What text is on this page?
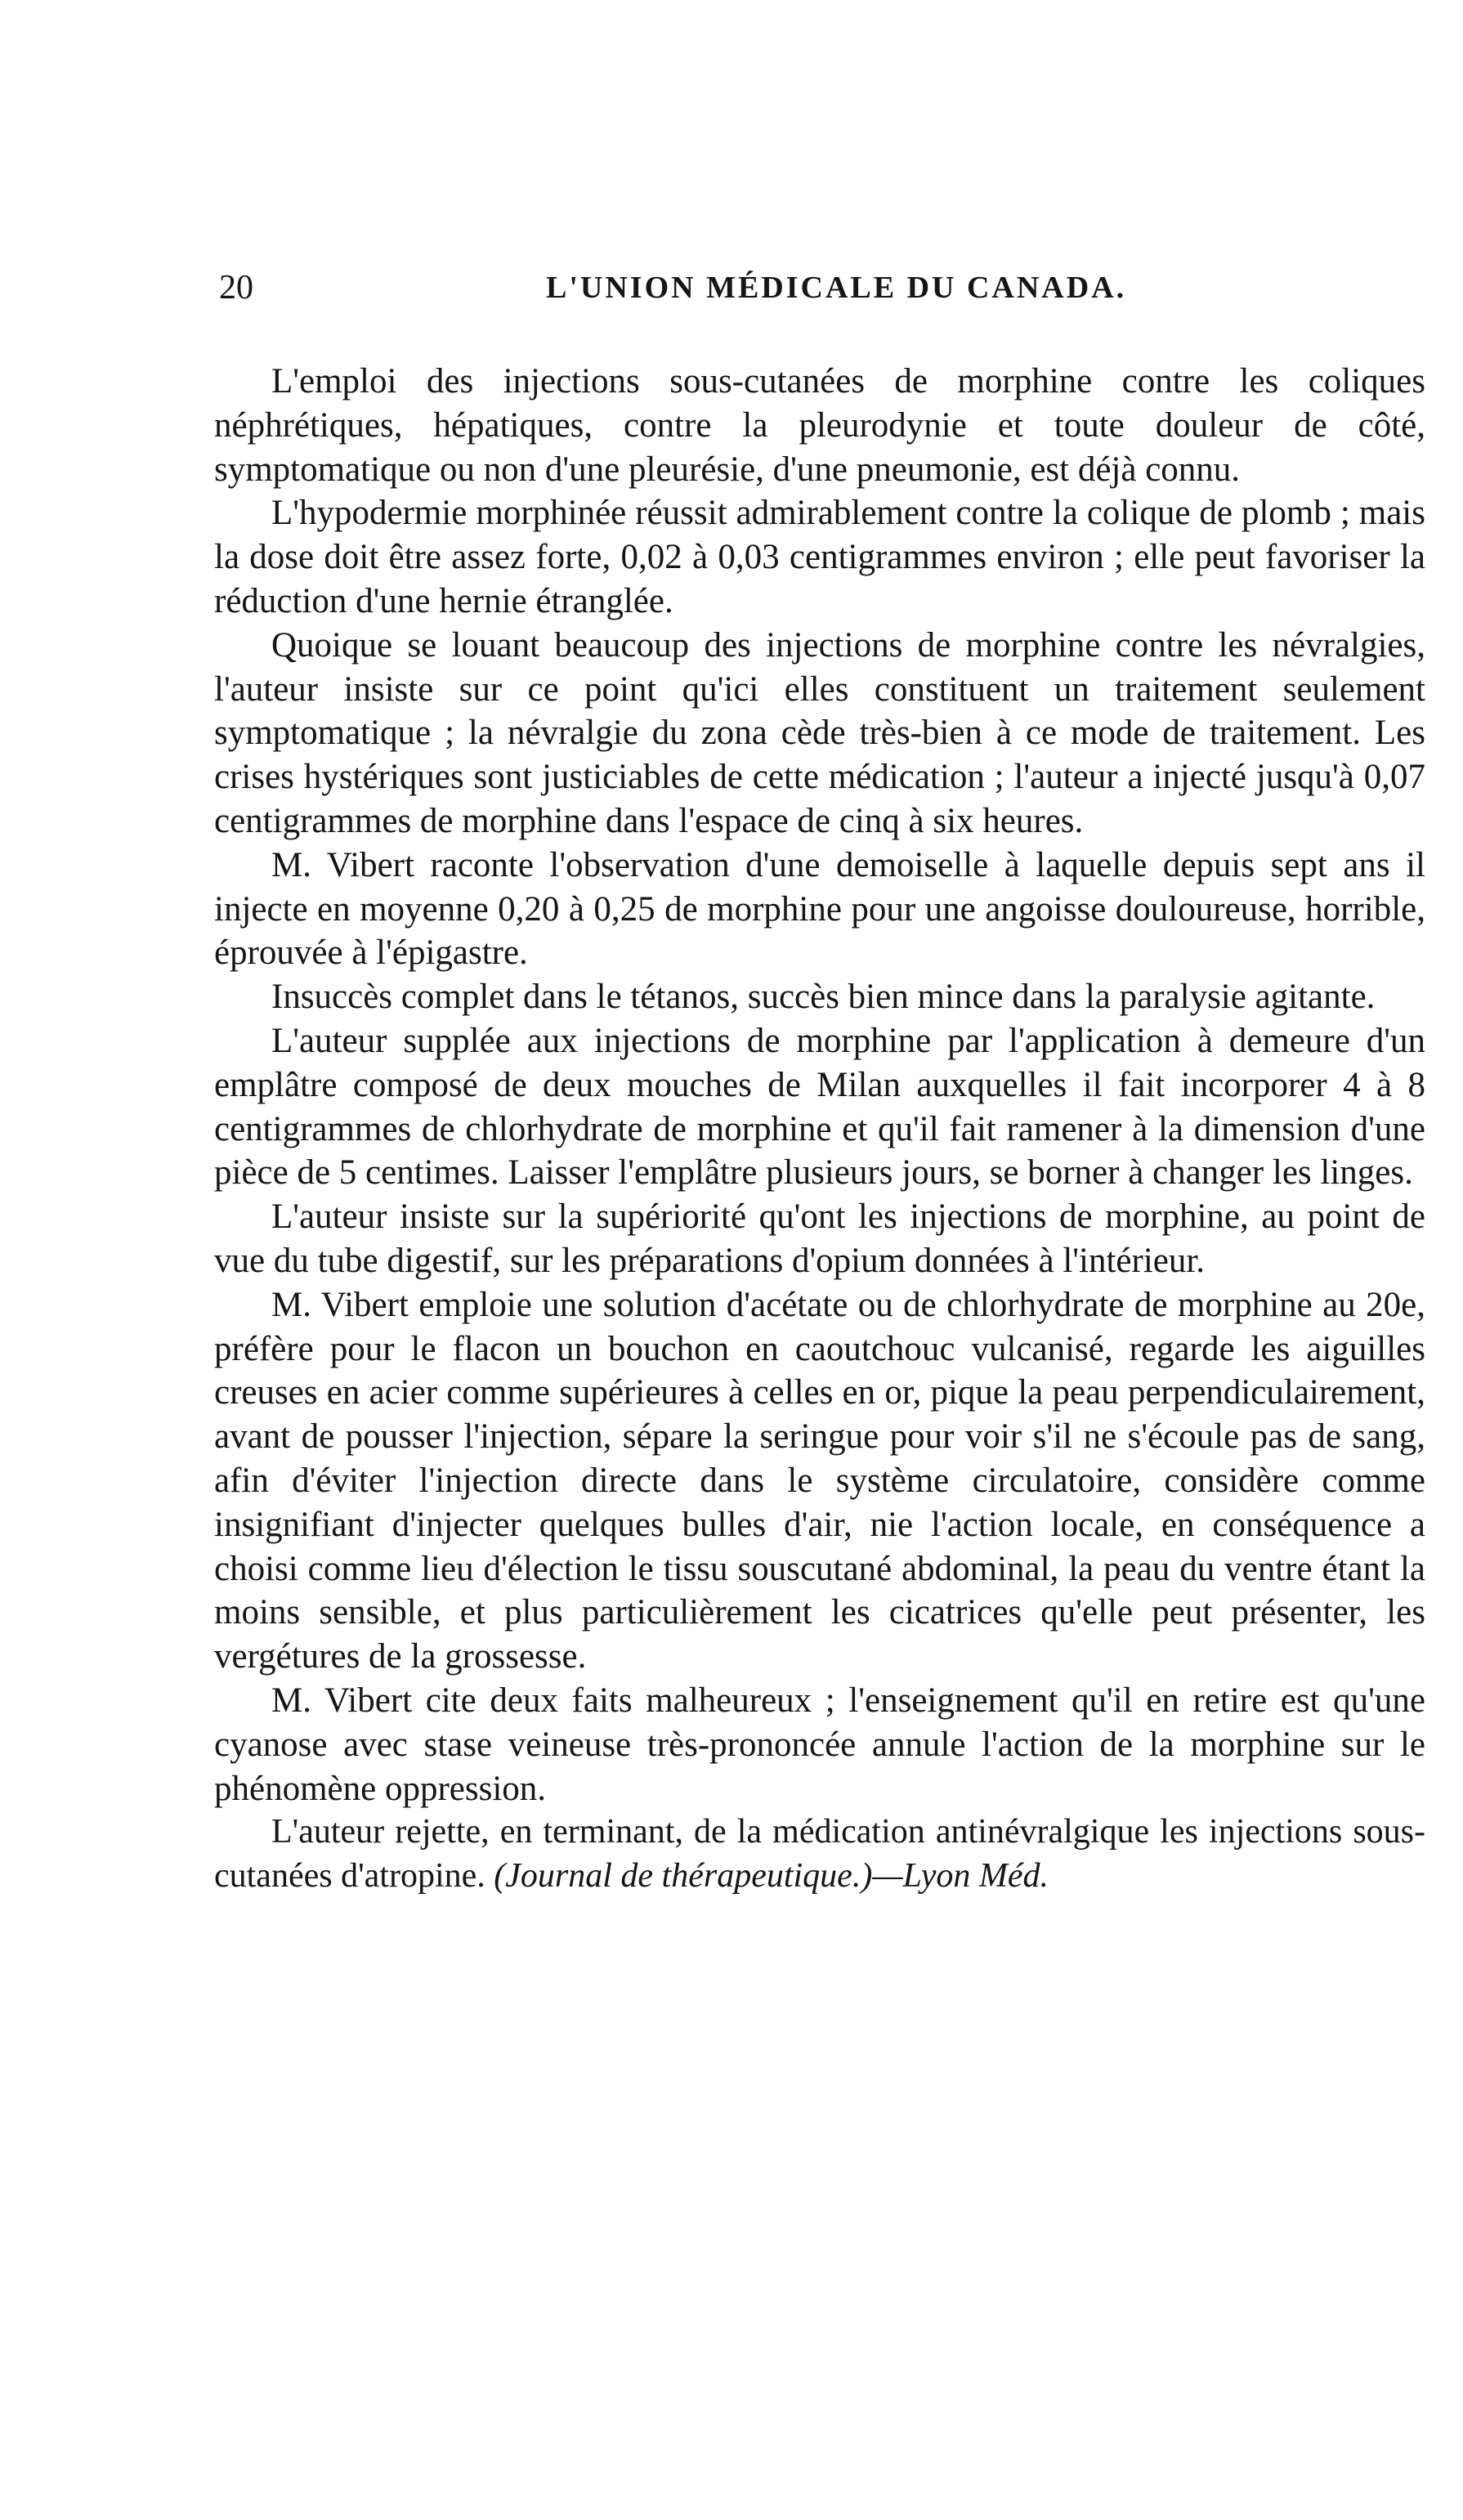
20	L'UNION MÉDICALE DU CANADA.

L'emploi des injections sous-cutanées de morphine contre les coliques néphrétiques, hépatiques, contre la pleurodynie et toute douleur de côté, symptomatique ou non d'une pleurésie, d'une pneumonie, est déjà connu.

L'hypodermie morphinée réussit admirablement contre la colique de plomb ; mais la dose doit être assez forte, 0,02 à 0,03 centigrammes environ ; elle peut favoriser la réduction d'une hernie étranglée.

Quoique se louant beaucoup des injections de morphine contre les névralgies, l'auteur insiste sur ce point qu'ici elles constituent un traitement seulement symptomatique ; la névralgie du zona cède très-bien à ce mode de traitement. Les crises hystériques sont justiciables de cette médication ; l'auteur a injecté jusqu'à 0,07 centigrammes de morphine dans l'espace de cinq à six heures.

M. Vibert raconte l'observation d'une demoiselle à laquelle depuis sept ans il injecte en moyenne 0,20 à 0,25 de morphine pour une angoisse douloureuse, horrible, éprouvée à l'épigastre.

Insuccès complet dans le tétanos, succès bien mince dans la paralysie agitante.

L'auteur supplée aux injections de morphine par l'application à demeure d'un emplâtre composé de deux mouches de Milan auxquelles il fait incorporer 4 à 8 centigrammes de chlorhydrate de morphine et qu'il fait ramener à la dimension d'une pièce de 5 centimes. Laisser l'emplâtre plusieurs jours, se borner à changer les linges.

L'auteur insiste sur la supériorité qu'ont les injections de morphine, au point de vue du tube digestif, sur les préparations d'opium données à l'intérieur.

M. Vibert emploie une solution d'acétate ou de chlorhydrate de morphine au 20e, préfère pour le flacon un bouchon en caoutchouc vulcanisé, regarde les aiguilles creuses en acier comme supérieures à celles en or, pique la peau perpendiculairement, avant de pousser l'injection, sépare la seringue pour voir s'il ne s'écoule pas de sang, afin d'éviter l'injection directe dans le système circulatoire, considère comme insignifiant d'injecter quelques bulles d'air, nie l'action locale, en conséquence a choisi comme lieu d'élection le tissu souscutané abdominal, la peau du ventre étant la moins sensible, et plus particulièrement les cicatrices qu'elle peut présenter, les vergétures de la grossesse.

M. Vibert cite deux faits malheureux ; l'enseignement qu'il en retire est qu'une cyanose avec stase veineuse très-prononcée annule l'action de la morphine sur le phénomène oppression.

L'auteur rejette, en terminant, de la médication antinévralgique les injections sous-cutanées d'atropine. (Journal de thérapeutique.)—Lyon Méd.
